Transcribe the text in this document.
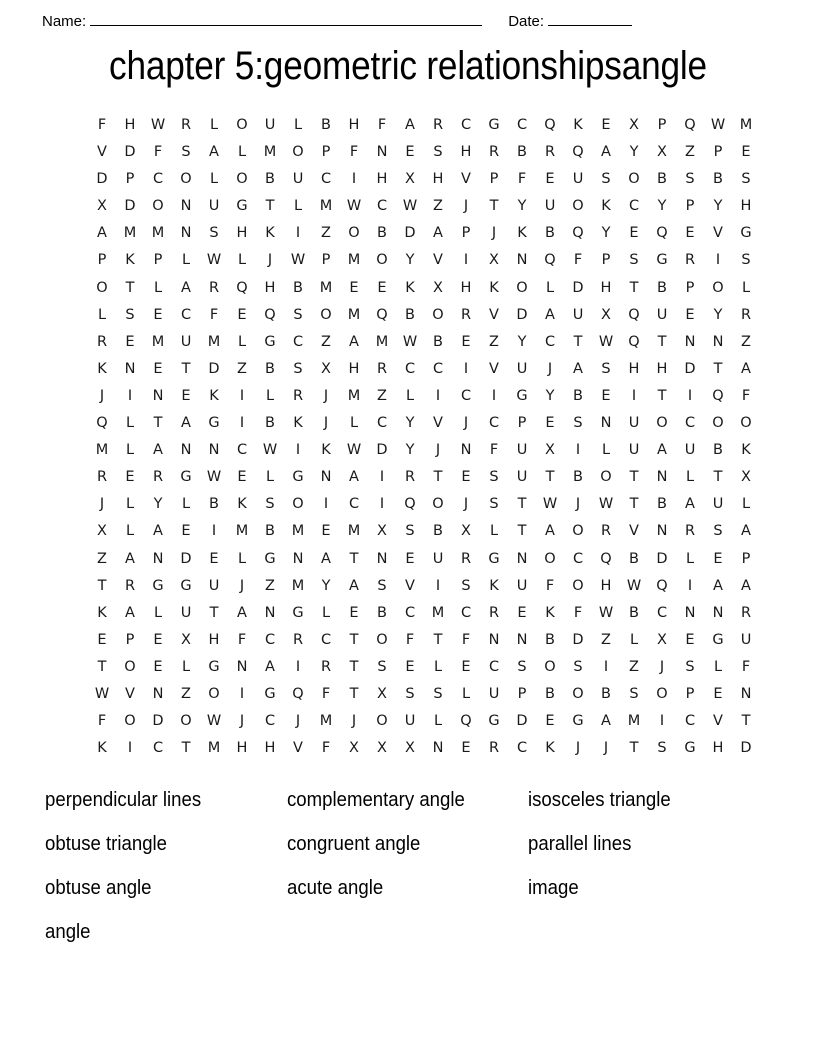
Name:	Date:
chapter 5:geometric relationshipsangle
F	H	W	R	L	O	U	L	B	H	F	A	R	C	G	C	Q	K	E	X	P	Q	W	M
V	D	F	S	A	L	M	O	P	F	N	E	S	H	R	B	R	Q	A	Y	X	Z	P	E
D	P	C	O	L	O	B	U	C	I	H	X	H	V	P	F	E	U	S	O	B	S	B	S
X	D	O	N	U	G	T	L	M	W	C	W	Z	J	T	Y	U	O	K	C	Y	P	Y	H
A	M	M	N	S	H	K	I	Z	O	B	D	A	P	J	K	B	Q	Y	E	Q	E	V	G
P	K	P	L	W	L	J	W	P	M	O	Y	V	I	X	N	Q	F	P	S	G	R	I	S
O	T	L	A	R	Q	H	B	M	E	E	K	X	H	K	O	L	D	H	T	B	P	O	L
L	S	E	C	F	E	Q	S	O	M	Q	B	O	R	V	D	A	U	X	Q	U	E	Y	R
R	E	M	U	M	L	G	C	Z	A	M	W	B	E	Z	Y	C	T	W	Q	T	N	N	Z
K	N	E	T	D	Z	B	S	X	H	R	C	C	I	V	U	J	A	S	H	H	D	T	A
J	I	N	E	K	I	L	R	J	M	Z	L	I	C	I	G	Y	B	E	I	T	I	Q	F
Q	L	T	A	G	I	B	K	J	L	C	Y	V	J	C	P	E	S	N	U	O	C	O	O
M	L	A	N	N	C	W	I	K	W	D	Y	J	N	F	U	X	I	L	U	A	U	B	K
R	E	R	G	W	E	L	G	N	A	I	R	T	E	S	U	T	B	O	T	N	L	T	X
J	L	Y	L	B	K	S	O	I	C	I	Q	O	J	S	T	W	J	W	T	B	A	U	L
X	L	A	E	I	M	B	M	E	M	X	S	B	X	L	T	A	O	R	V	N	R	S	A
Z	A	N	D	E	L	G	N	A	T	N	E	U	R	G	N	O	C	Q	B	D	L	E	P
T	R	G	G	U	J	Z	M	Y	A	S	V	I	S	K	U	F	O	H	W	Q	I	A	A
K	A	L	U	T	A	N	G	L	E	B	C	M	C	R	E	K	F	W	B	C	N	N	R
E	P	E	X	H	F	C	R	C	T	O	F	T	F	N	N	B	D	Z	L	X	E	G	U
T	O	E	L	G	N	A	I	R	T	S	E	L	E	C	S	O	S	I	Z	J	S	L	F
W	V	N	Z	O	I	G	Q	F	T	X	S	S	L	U	P	B	O	B	S	O	P	E	N
F	O	D	O	W	J	C	J	M	J	O	U	L	Q	G	D	E	G	A	M	I	C	V	T
K	I	C	T	M	H	H	V	F	X	X	X	N	E	R	C	K	J	J	T	S	G	H	D
perpendicular lines	complementary angle	isosceles triangle
obtuse triangle	congruent angle	parallel lines
obtuse angle	acute angle	image
angle
